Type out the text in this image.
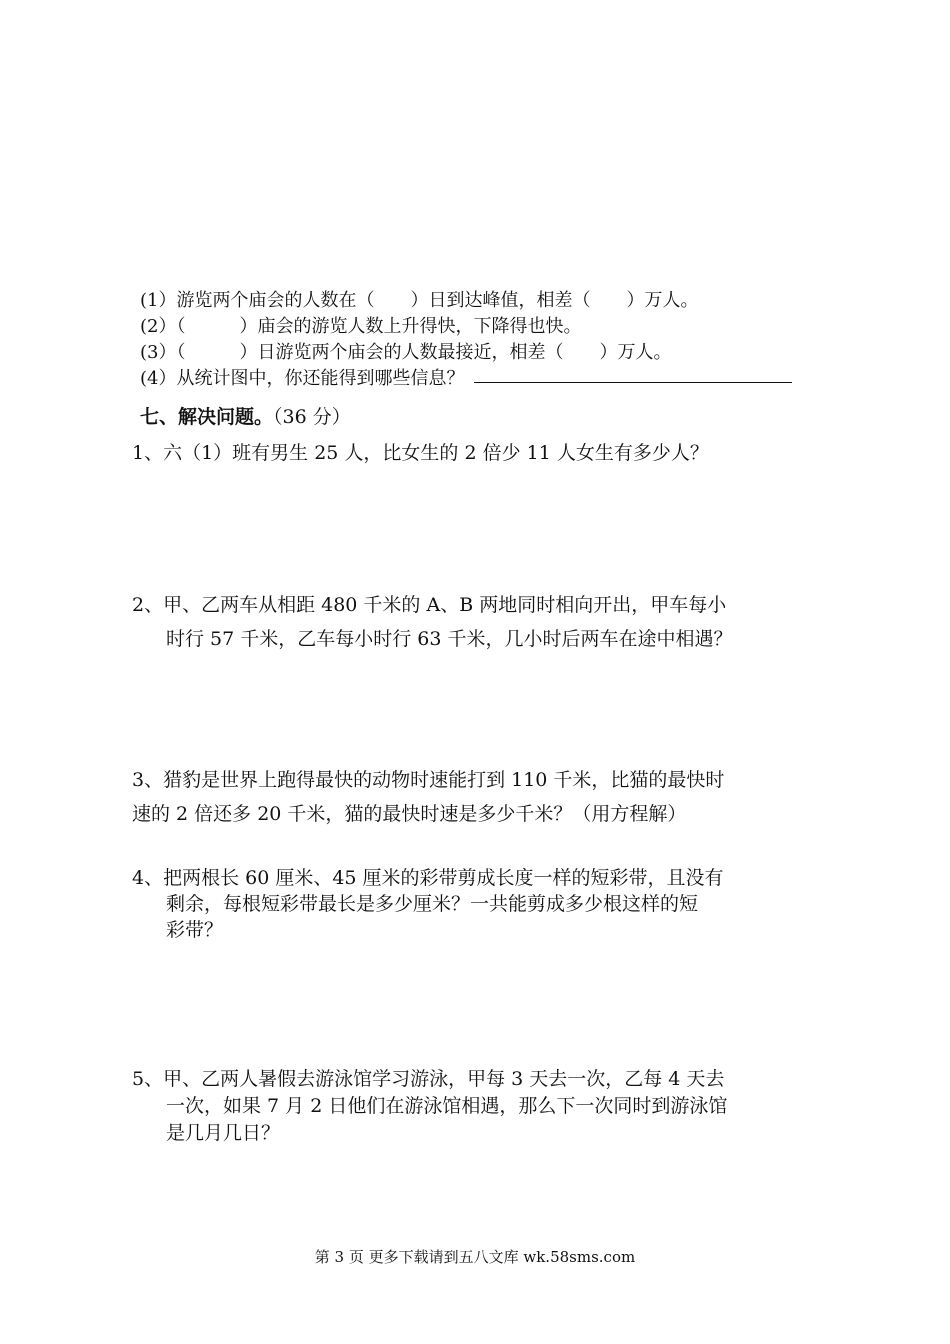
(1）游览两个庙会的人数在（　　）日到达峰值，相差（　　）万人。
(2）（　　　）庙会的游览人数上升得快，下降得也快。
(3）（　　　）日游览两个庙会的人数最接近，相差（　　）万人。
(4）从统计图中，你还能得到哪些信息？
七、解决问题。（36 分）
1、六（1）班有男生 25 人，比女生的 2 倍少 11 人女生有多少人？
2、甲、乙两车从相距 480 千米的 A、B 两地同时相向开出，甲车每小
时行 57 千米，乙车每小时行 63 千米，几小时后两车在途中相遇？
3、猎豹是世界上跑得最快的动物时速能打到 110 千米，比猫的最快时
速的 2 倍还多 20 千米，猫的最快时速是多少千米？（用方程解）
4、把两根长 60 厘米、45 厘米的彩带剪成长度一样的短彩带，且没有
剩余，每根短彩带最长是多少厘米？一共能剪成多少根这样的短
彩带？
5、甲、乙两人暑假去游泳馆学习游泳，甲每 3 天去一次，乙每 4 天去
一次，如果 7 月 2 日他们在游泳馆相遇，那么下一次同时到游泳馆
是几月几日？
第 3 页 更多下载请到五八文库 wk.58sms.com
